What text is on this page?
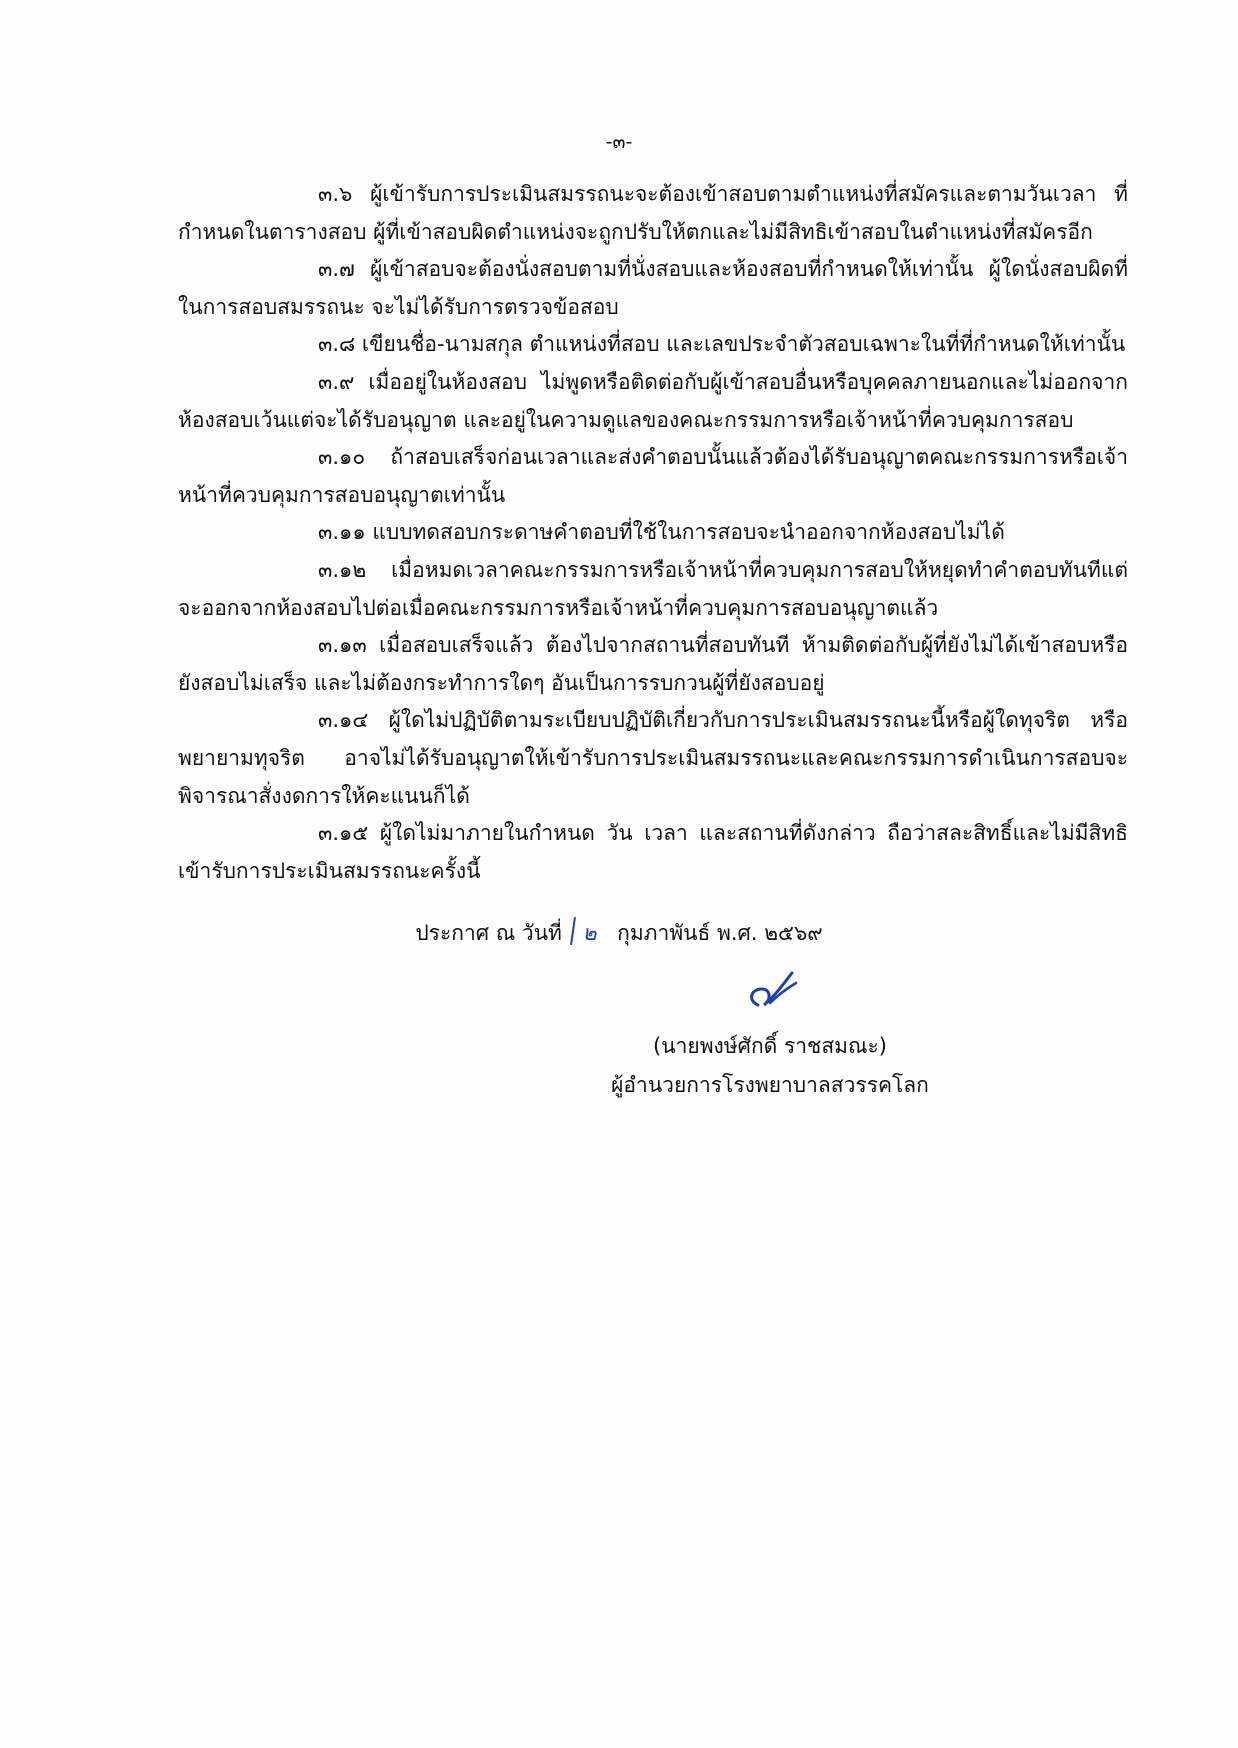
-๓-

๓.๖ ผู้เข้ารับการประเมินสมรรถนะจะต้องเข้าสอบตามตำแหน่งที่สมัครและตามวันเวลา ที่กำหนดในตารางสอบ ผู้ที่เข้าสอบผิดตำแหน่งจะถูกปรับให้ตกและไม่มีสิทธิเข้าสอบในตำแหน่งที่สมัครอีก

๓.๗ ผู้เข้าสอบจะต้องนั่งสอบตามที่นั่งสอบและห้องสอบที่กำหนดให้เท่านั้น ผู้ใดนั่งสอบผิดที่ในการสอบสมรรถนะ จะไม่ได้รับการตรวจข้อสอบ

๓.๘ เขียนชื่อ-นามสกุล ตำแหน่งที่สอบ และเลขประจำตัวสอบเฉพาะในที่ที่กำหนดให้เท่านั้น

๓.๙ เมื่ออยู่ในห้องสอบ ไม่พูดหรือติดต่อกับผู้เข้าสอบอื่นหรือบุคคลภายนอกและไม่ออกจากห้องสอบเว้นแต่จะได้รับอนุญาต และอยู่ในความดูแลของคณะกรรมการหรือเจ้าหน้าที่ควบคุมการสอบ

๓.๑๐ ถ้าสอบเสร็จก่อนเวลาและส่งคำตอบนั้นแล้วต้องได้รับอนุญาตคณะกรรมการหรือเจ้าหน้าที่ควบคุมการสอบอนุญาตเท่านั้น

๓.๑๑ แบบทดสอบกระดาษคำตอบที่ใช้ในการสอบจะนำออกจากห้องสอบไม่ได้

๓.๑๒ เมื่อหมดเวลาคณะกรรมการหรือเจ้าหน้าที่ควบคุมการสอบให้หยุดทำคำตอบทันทีแต่จะออกจากห้องสอบไปต่อเมื่อคณะกรรมการหรือเจ้าหน้าที่ควบคุมการสอบอนุญาตแล้ว

๓.๑๓ เมื่อสอบเสร็จแล้ว ต้องไปจากสถานที่สอบทันที ห้ามติดต่อกับผู้ที่ยังไม่ได้เข้าสอบหรือยังสอบไม่เสร็จ และไม่ต้องกระทำการใดๆ อันเป็นการรบกวนผู้ที่ยังสอบอยู่

๓.๑๔ ผู้ใดไม่ปฏิบัติตามระเบียบปฏิบัติเกี่ยวกับการประเมินสมรรถนะนี้หรือผู้ใดทุจริต หรือพยายามทุจริต อาจไม่ได้รับอนุญาตให้เข้ารับการประเมินสมรรถนะและคณะกรรมการดำเนินการสอบจะพิจารณาสั่งงดการให้คะแนนก็ได้

๓.๑๕ ผู้ใดไม่มาภายในกำหนด วัน เวลา และสถานที่ดังกล่าว ถือว่าสละสิทธิ์และไม่มีสิทธิเข้ารับการประเมินสมรรถนะครั้งนี้

ประกาศ ณ วันที่ ๒ กุมภาพันธ์ พ.ศ. ๒๕๖๙
(นายพงษ์ศักดิ์ ราชสมณะ)
ผู้อำนวยการโรงพยาบาลสวรรคโลก
